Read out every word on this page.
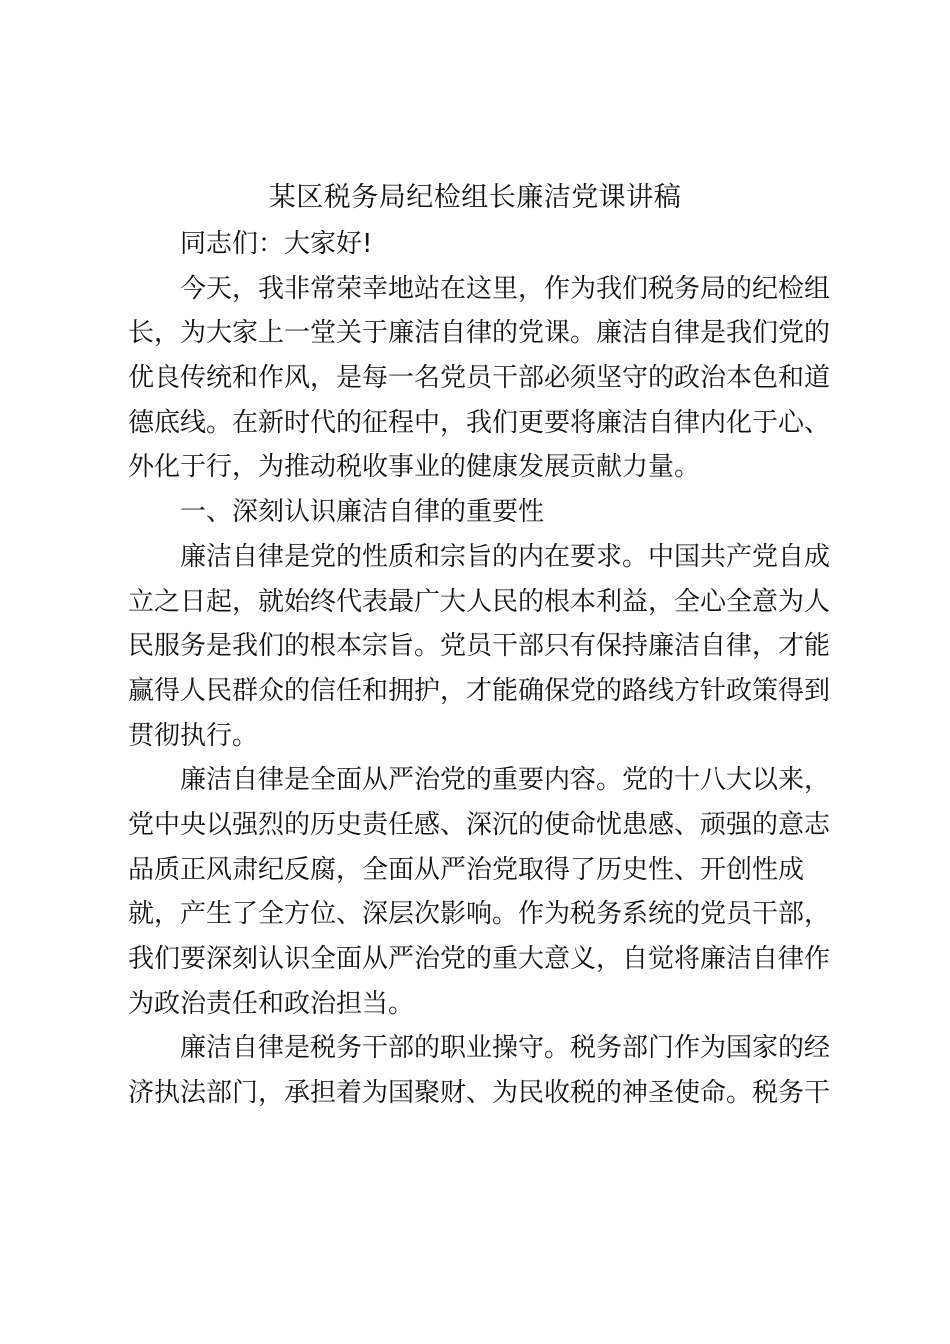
某区税务局纪检组长廉洁党课讲稿
同志们：大家好!
今天，我非常荣幸地站在这里，作为我们税务局的纪检组
长，为大家上一堂关于廉洁自律的党课。廉洁自律是我们党的
优良传统和作风，是每一名党员干部必须坚守的政治本色和道
德底线。在新时代的征程中，我们更要将廉洁自律内化于心、
外化于行，为推动税收事业的健康发展贡献力量。
一、深刻认识廉洁自律的重要性
廉洁自律是党的性质和宗旨的内在要求。中国共产党自成
立之日起，就始终代表最广大人民的根本利益，全心全意为人
民服务是我们的根本宗旨。党员干部只有保持廉洁自律，才能
赢得人民群众的信任和拥护，才能确保党的路线方针政策得到
贯彻执行。
廉洁自律是全面从严治党的重要内容。党的十八大以来，
党中央以强烈的历史责任感、深沉的使命忧患感、顽强的意志
品质正风肃纪反腐，全面从严治党取得了历史性、开创性成
就，产生了全方位、深层次影响。作为税务系统的党员干部，
我们要深刻认识全面从严治党的重大意义，自觉将廉洁自律作
为政治责任和政治担当。
廉洁自律是税务干部的职业操守。税务部门作为国家的经
济执法部门，承担着为国聚财、为民收税的神圣使命。税务干
